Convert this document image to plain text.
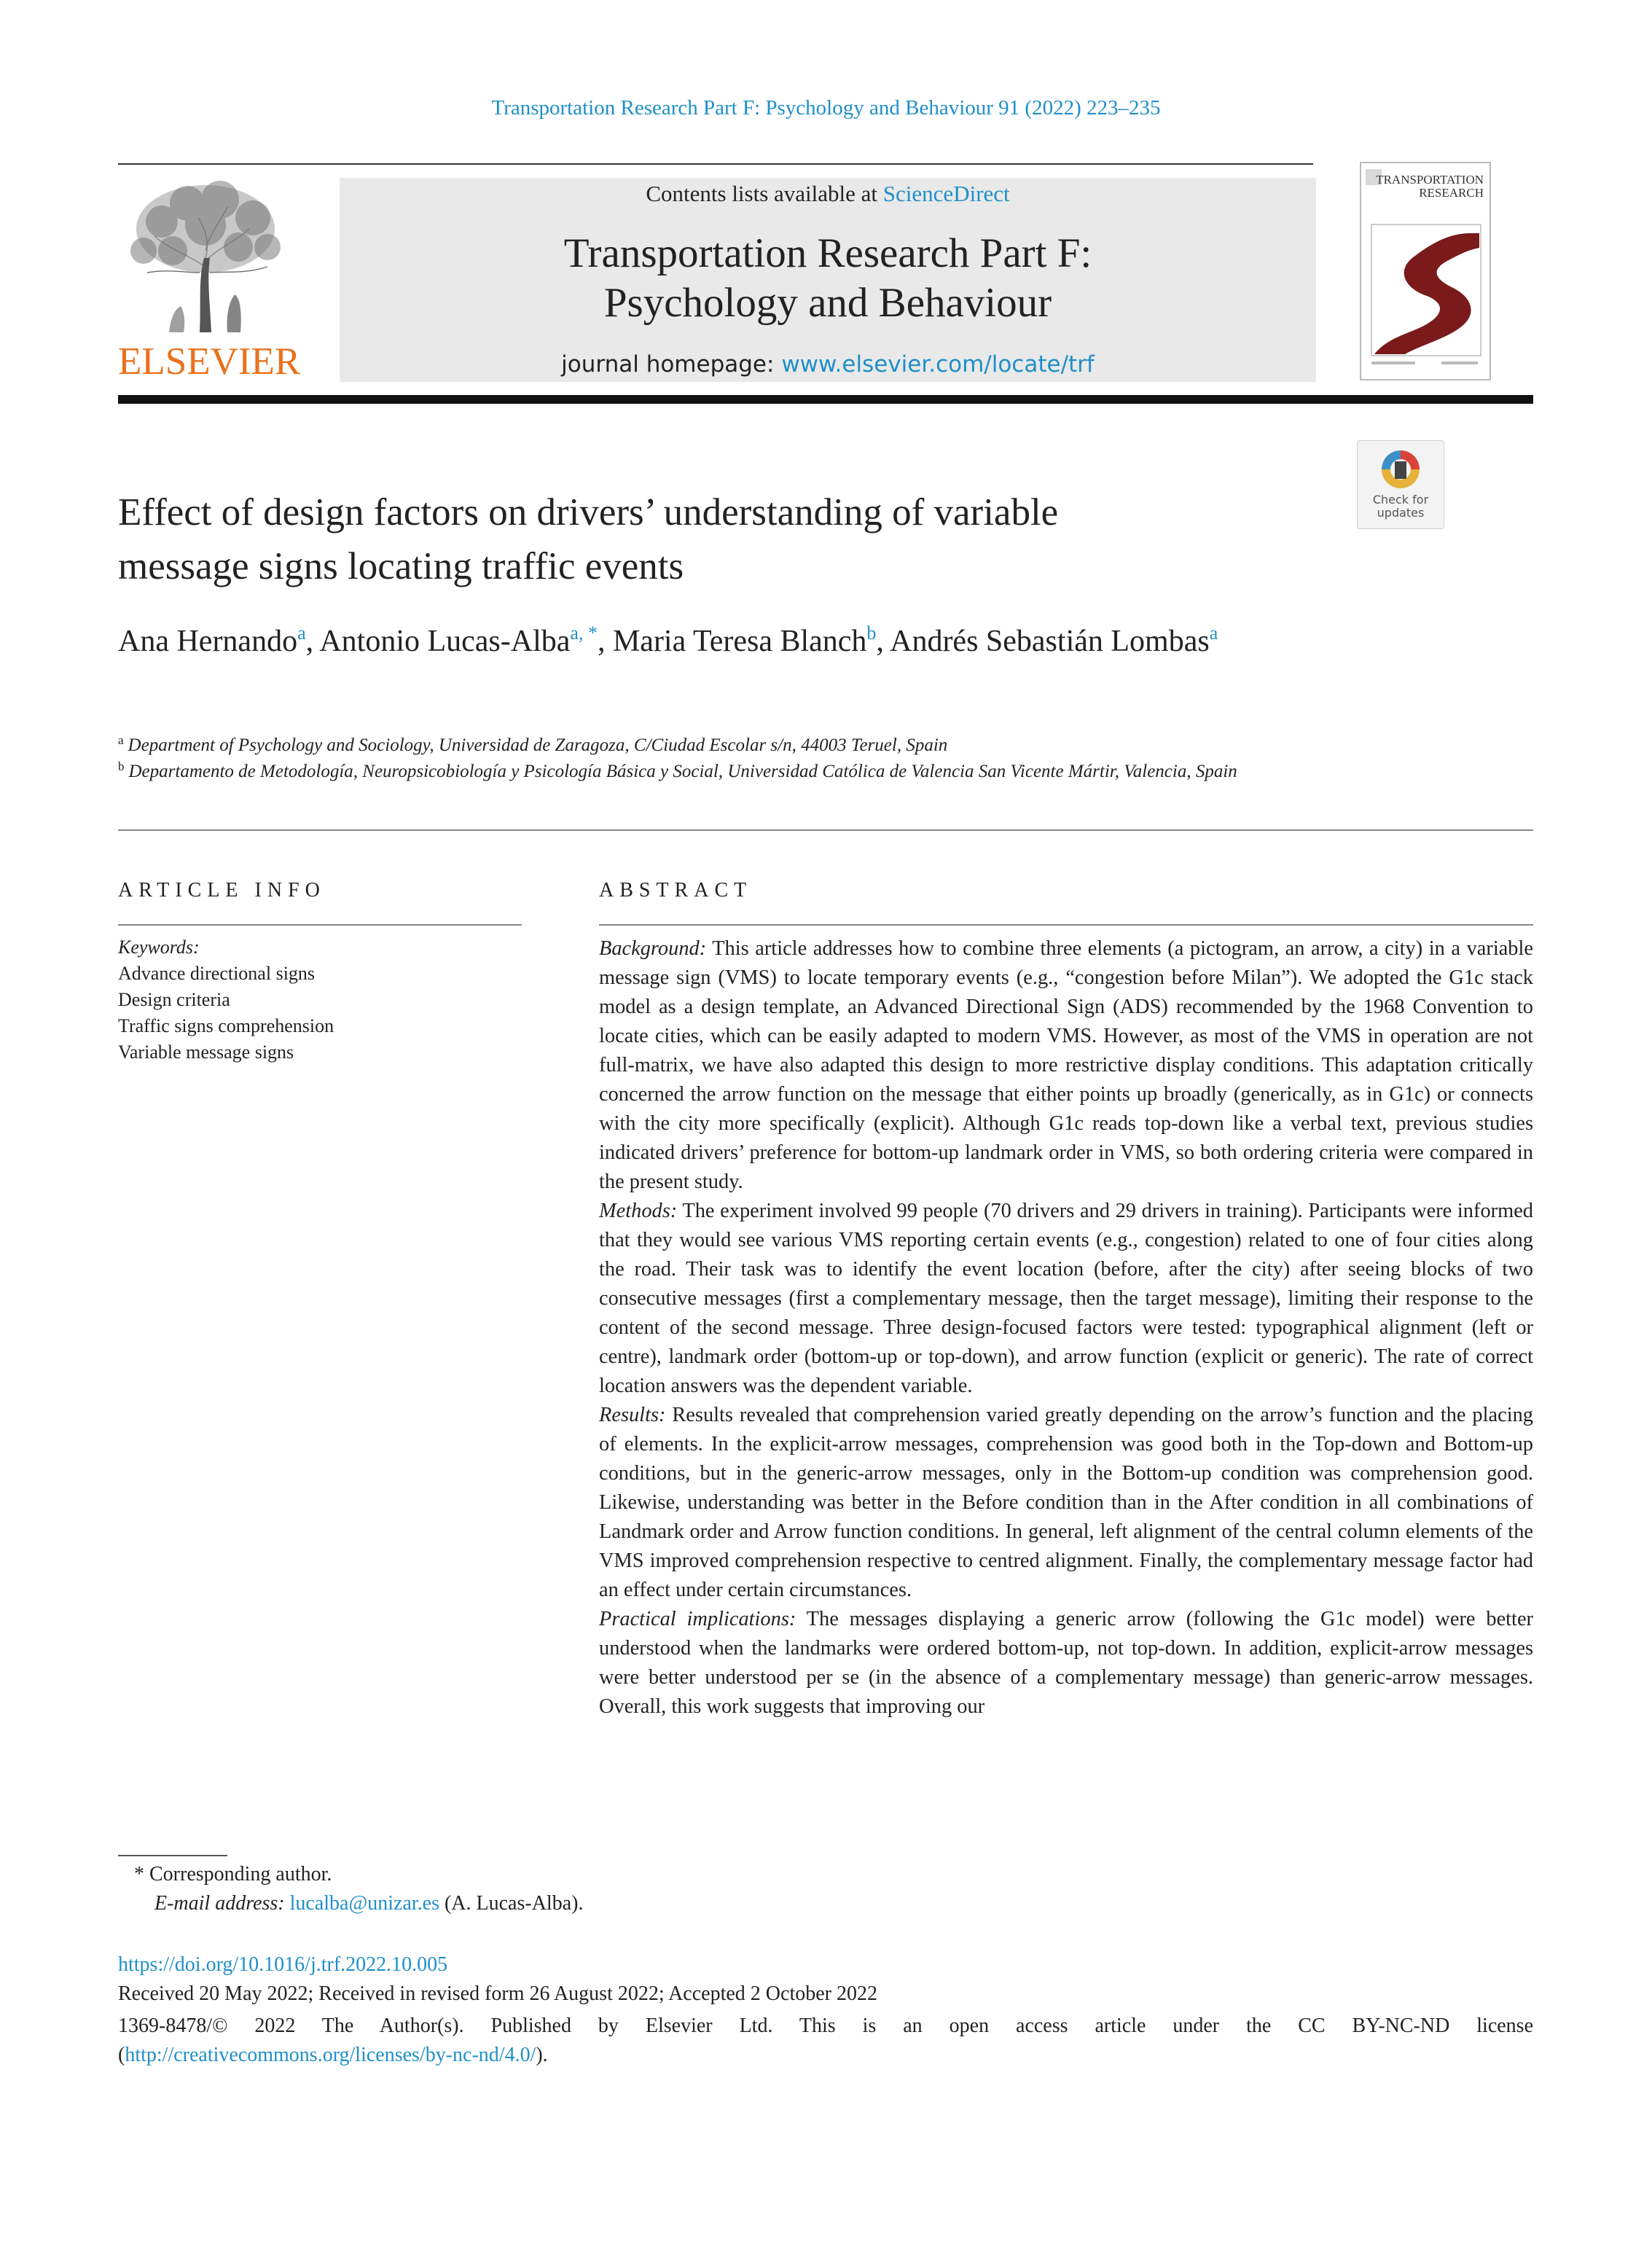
Transportation Research Part F: Psychology and Behaviour 91 (2022) 223–235
ELSEVIER
Contents lists available at ScienceDirect
Transportation Research Part F:
Psychology and Behaviour
journal homepage: www.elsevier.com/locate/trf
TRANSPORTATION
RESEARCH
Check for
updates
Effect of design factors on drivers’ understanding of variable
message signs locating traffic events
Ana Hernando$^a$, Antonio Lucas-Alba$^{a, *}$, Maria Teresa Blanch$^b$, Andrés Sebastián Lombas$^a$
$^a$ Department of Psychology and Sociology, Universidad de Zaragoza, C/Ciudad Escolar s/n, 44003 Teruel, Spain
$^b$ Departamento de Metodología, Neuropsicobiología y Psicología Básica y Social, Universidad Católica de Valencia San Vicente Mártir, Valencia, Spain
ARTICLE INFO	ABSTRACT
Keywords:
Advance directional signs
Design criteria
Traffic signs comprehension
Variable message signs

Background: This article addresses how to combine three elements (a pictogram, an arrow, a city) in a variable message sign (VMS) to locate temporary events (e.g., “congestion before Milan”). We adopted the G1c stack model as a design template, an Advanced Directional Sign (ADS) recommended by the 1968 Convention to locate cities, which can be easily adapted to modern VMS. However, as most of the VMS in operation are not full-matrix, we have also adapted this design to more restrictive display conditions. This adaptation critically concerned the arrow function on the message that either points up broadly (generically, as in G1c) or connects with the city more specifically (explicit). Although G1c reads top-down like a verbal text, previous studies indicated drivers’ preference for bottom-up landmark order in VMS, so both ordering criteria were compared in the present study.

Methods: The experiment involved 99 people (70 drivers and 29 drivers in training). Participants were informed that they would see various VMS reporting certain events (e.g., congestion) related to one of four cities along the road. Their task was to identify the event location (before, after the city) after seeing blocks of two consecutive messages (first a complementary message, then the target message), limiting their response to the content of the second message. Three design-focused factors were tested: typographical alignment (left or centre), landmark order (bottom-up or top-down), and arrow function (explicit or generic). The rate of correct location answers was the dependent variable.

Results: Results revealed that comprehension varied greatly depending on the arrow’s function and the placing of elements. In the explicit-arrow messages, comprehension was good both in the Top-down and Bottom-up conditions, but in the generic-arrow messages, only in the Bottom-up condition was comprehension good. Likewise, understanding was better in the Before condition than in the After condition in all combinations of Landmark order and Arrow function conditions. In general, left alignment of the central column elements of the VMS improved comprehension respective to centred alignment. Finally, the complementary message factor had an effect under certain circumstances.

Practical implications: The messages displaying a generic arrow (following the G1c model) were better understood when the landmarks were ordered bottom-up, not top-down. In addition, explicit-arrow messages were better understood per se (in the absence of a complementary message) than generic-arrow messages. Overall, this work suggests that improving our

* Corresponding author.
E-mail address: lucalba@unizar.es (A. Lucas-Alba).
https://doi.org/10.1016/j.trf.2022.10.005
Received 20 May 2022; Received in revised form 26 August 2022; Accepted 2 October 2022
1369-8478/© 2022 The Author(s). Published by Elsevier Ltd. This is an open access article under the CC BY-NC-ND license
(http://creativecommons.org/licenses/by-nc-nd/4.0/).
